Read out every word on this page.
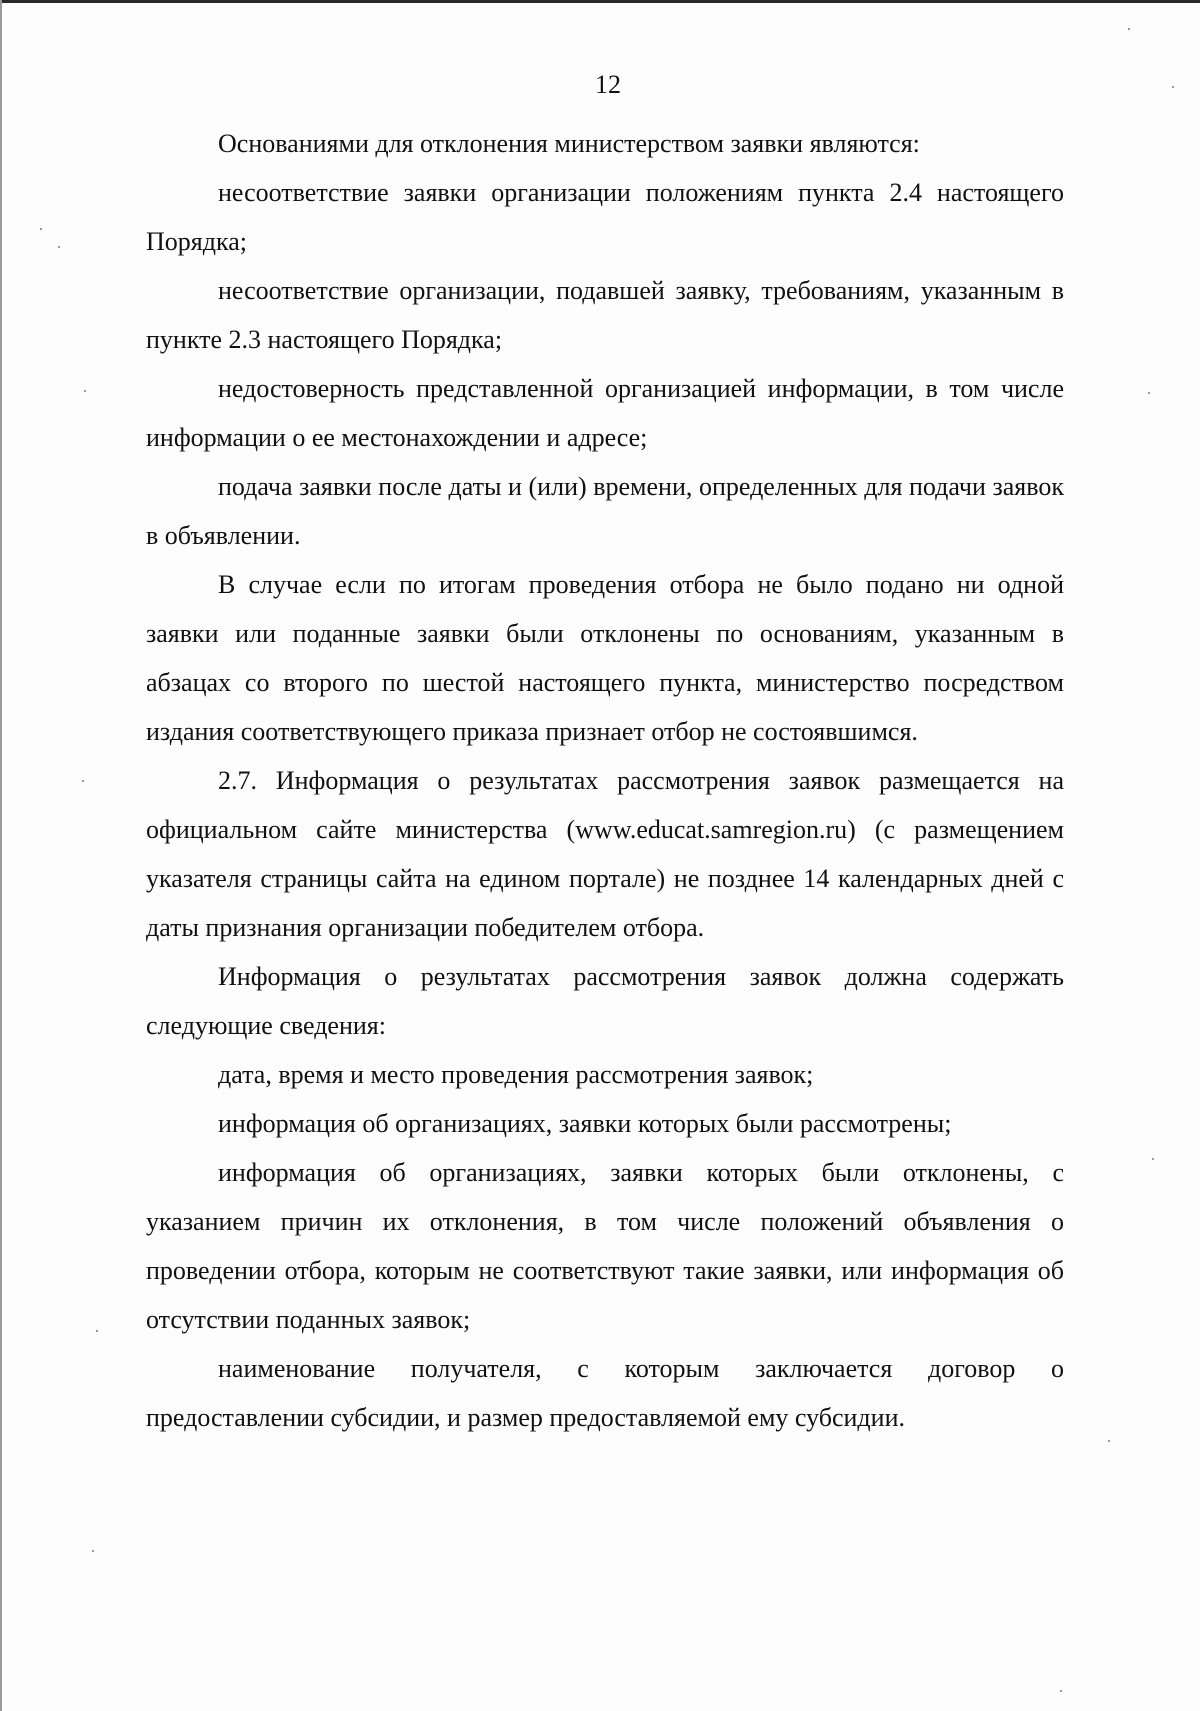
12

Основаниями для отклонения министерством заявки являются:

несоответствие заявки организации положениям пункта 2.4 настоящего Порядка;

несоответствие организации, подавшей заявку, требованиям, указанным в пункте 2.3 настоящего Порядка;

недостоверность представленной организацией информации, в том числе информации о ее местонахождении и адресе;

подача заявки после даты и (или) времени, определенных для подачи заявок в объявлении.

В случае если по итогам проведения отбора не было подано ни одной заявки или поданные заявки были отклонены по основаниям, указанным в абзацах со второго по шестой настоящего пункта, министерство посредством издания соответствующего приказа признает отбор не состоявшимся.

2.7. Информация о результатах рассмотрения заявок размещается на официальном сайте министерства (www.educat.samregion.ru) (с размещением указателя страницы сайта на едином портале) не позднее 14 календарных дней с даты признания организации победителем отбора.

Информация о результатах рассмотрения заявок должна содержать следующие сведения:

дата, время и место проведения рассмотрения заявок;

информация об организациях, заявки которых были рассмотрены;

информация об организациях, заявки которых были отклонены, с указанием причин их отклонения, в том числе положений объявления о проведении отбора, которым не соответствуют такие заявки, или информация об отсутствии поданных заявок;

наименование получателя, с которым заключается договор о предоставлении субсидии, и размер предоставляемой ему субсидии.
